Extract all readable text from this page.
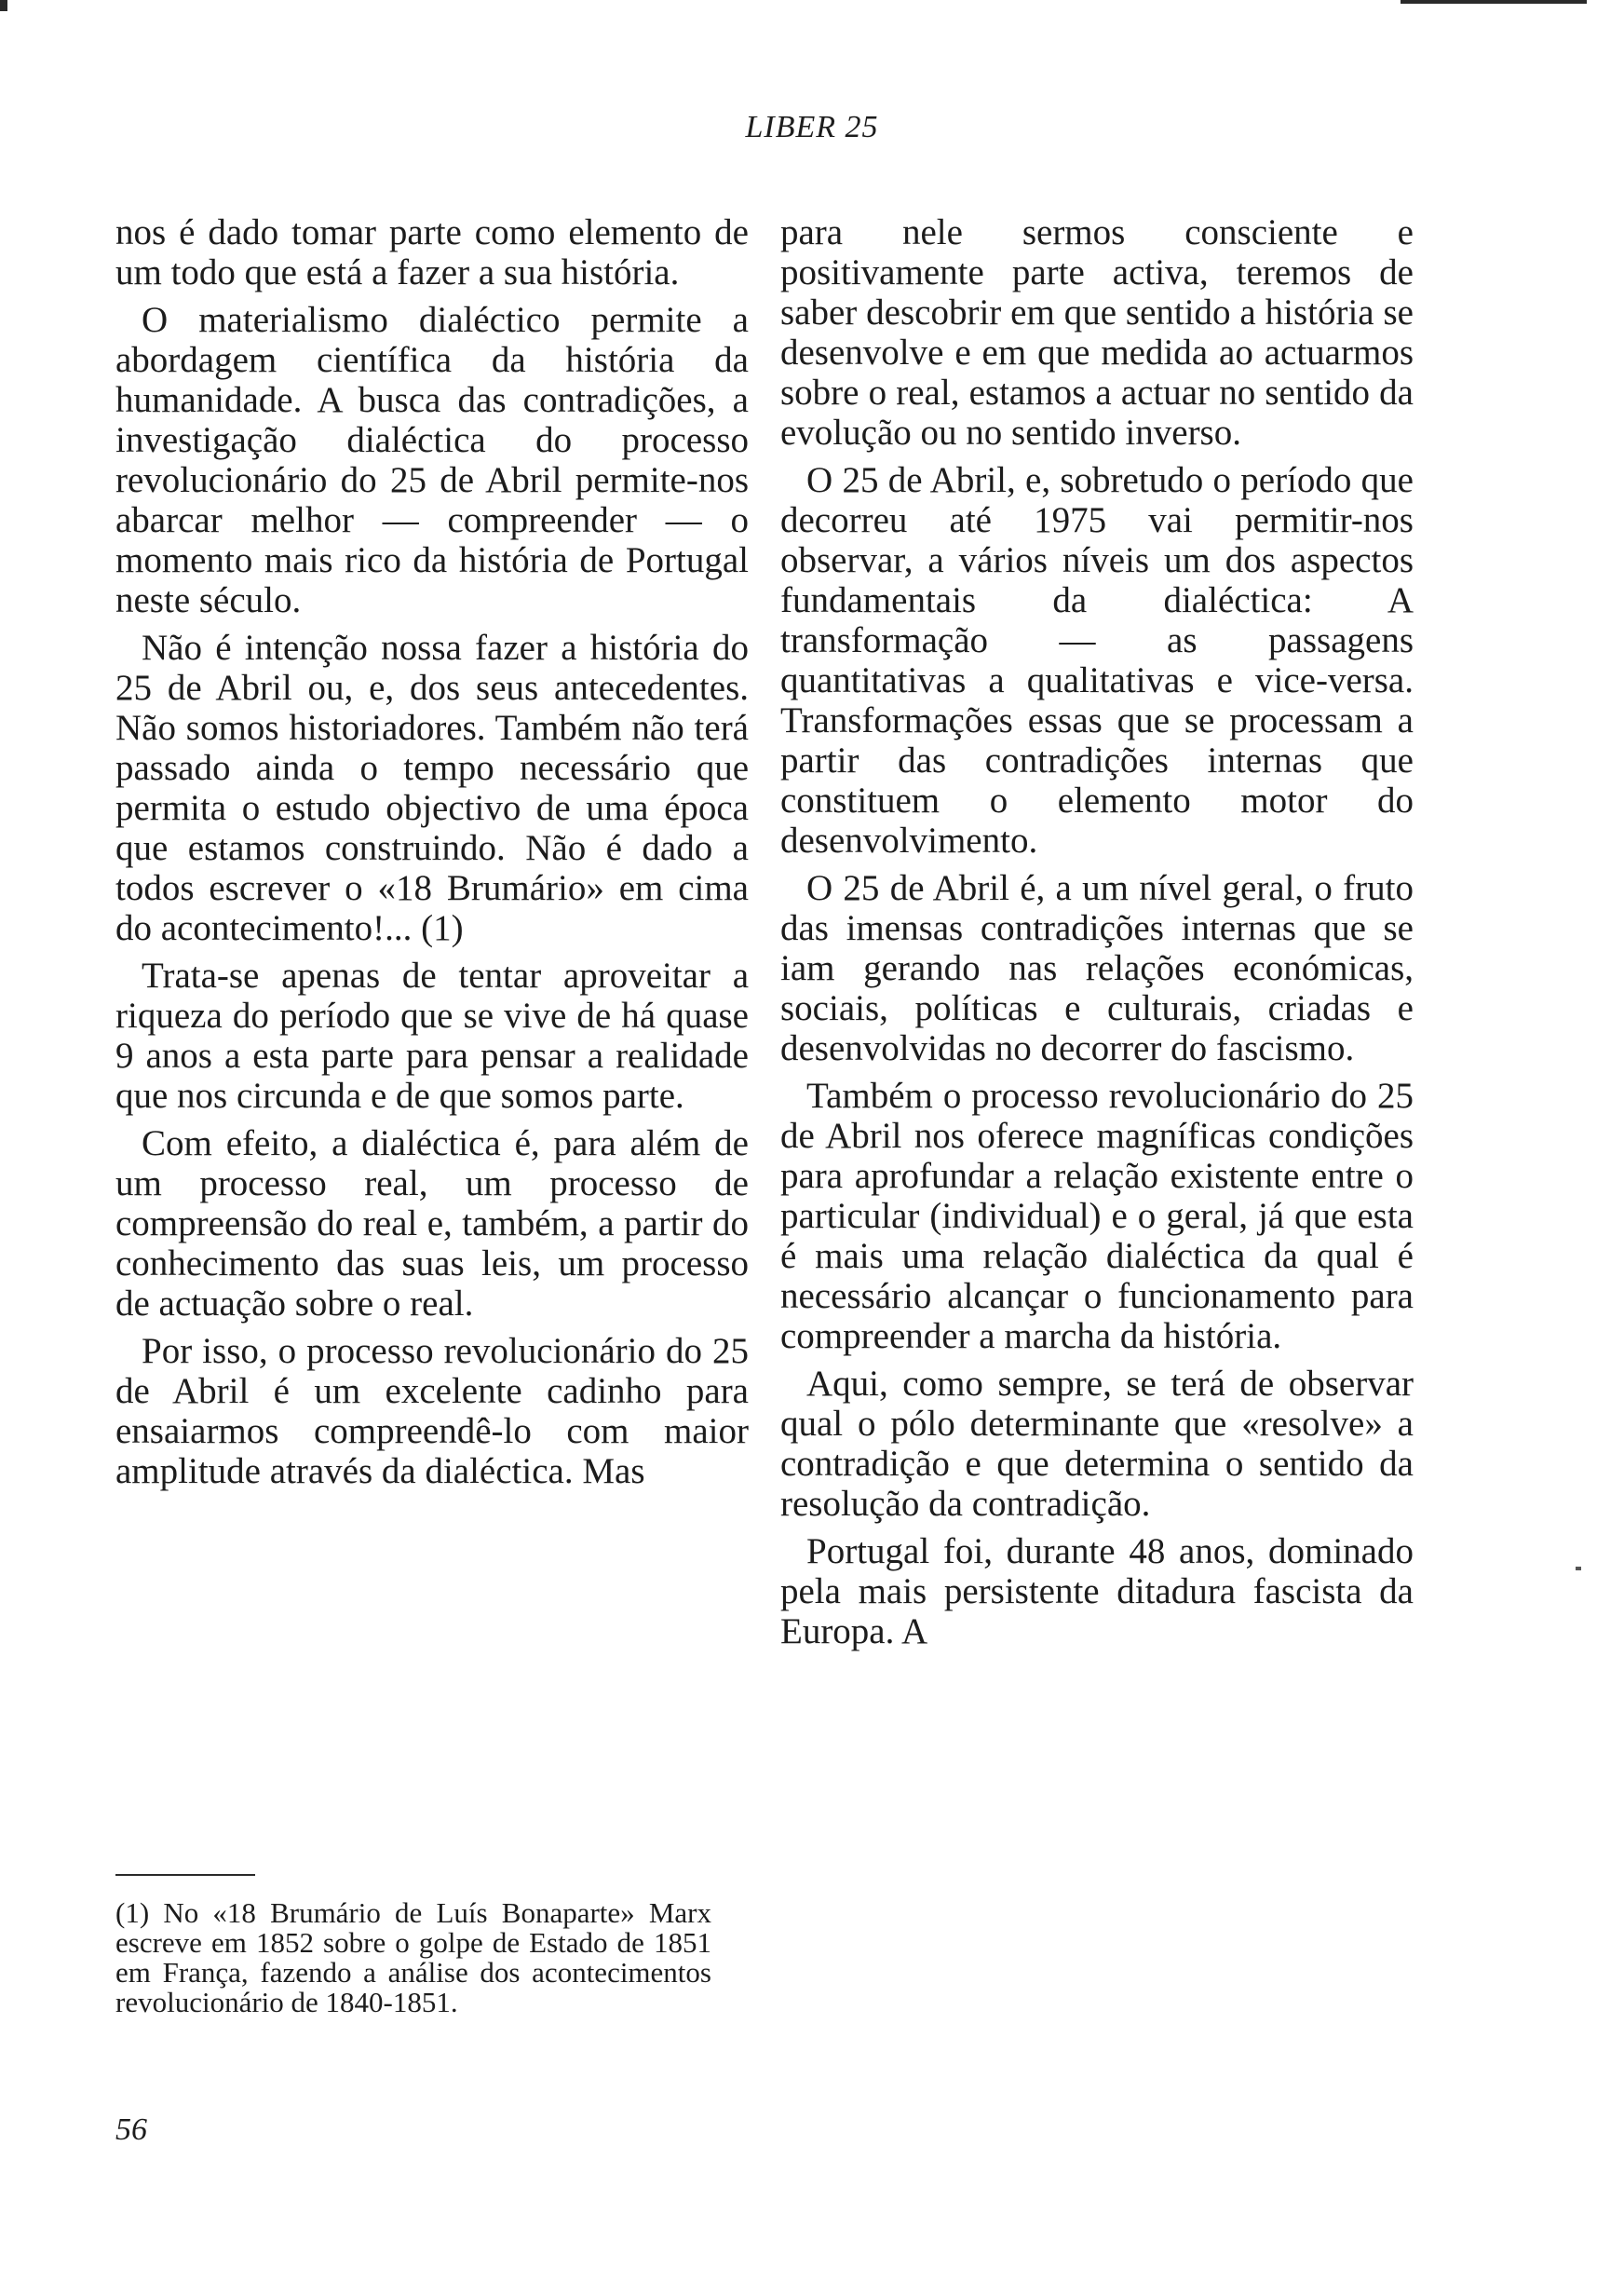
LIBER 25

nos é dado tomar parte como elemento de um todo que está a fazer a sua história.

O materialismo dialéctico permite a abordagem científica da história da humanidade. A busca das contradições, a investigação dialéctica do processo revolucionário do 25 de Abril permite-nos abarcar melhor — compreender — o momento mais rico da história de Portugal neste século.

Não é intenção nossa fazer a história do 25 de Abril ou, e, dos seus antecedentes. Não somos historiadores. Também não terá passado ainda o tempo necessário que permita o estudo objectivo de uma época que estamos construindo. Não é dado a todos escrever o «18 Brumário» em cima do acontecimento!... (1)

Trata-se apenas de tentar aproveitar a riqueza do período que se vive de há quase 9 anos a esta parte para pensar a realidade que nos circunda e de que somos parte.

Com efeito, a dialéctica é, para além de um processo real, um processo de compreensão do real e, também, a partir do conhecimento das suas leis, um processo de actuação sobre o real.

Por isso, o processo revolucionário do 25 de Abril é um excelente cadinho para ensaiarmos compreendê-lo com maior amplitude através da dialéctica. Mas

para nele sermos consciente e positivamente parte activa, teremos de saber descobrir em que sentido a história se desenvolve e em que medida ao actuarmos sobre o real, estamos a actuar no sentido da evolução ou no sentido inverso.

O 25 de Abril, e, sobretudo o período que decorreu até 1975 vai permitir-nos observar, a vários níveis um dos aspectos fundamentais da dialéctica: A transformação — as passagens quantitativas a qualitativas e vice-versa. Transformações essas que se processam a partir das contradições internas que constituem o elemento motor do desenvolvimento.

O 25 de Abril é, a um nível geral, o fruto das imensas contradições internas que se iam gerando nas relações económicas, sociais, políticas e culturais, criadas e desenvolvidas no decorrer do fascismo.

Também o processo revolucionário do 25 de Abril nos oferece magníficas condições para aprofundar a relação existente entre o particular (individual) e o geral, já que esta é mais uma relação dialéctica da qual é necessário alcançar o funcionamento para compreender a marcha da história.

Aqui, como sempre, se terá de observar qual o pólo determinante que «resolve» a contradição e que determina o sentido da resolução da contradição.

Portugal foi, durante 48 anos, dominado pela mais persistente ditadura fascista da Europa. A

(1) No «18 Brumário de Luís Bonaparte» Marx escreve em 1852 sobre o golpe de Estado de 1851 em França, fazendo a análise dos acontecimentos revolucionário de 1840-1851.

56
